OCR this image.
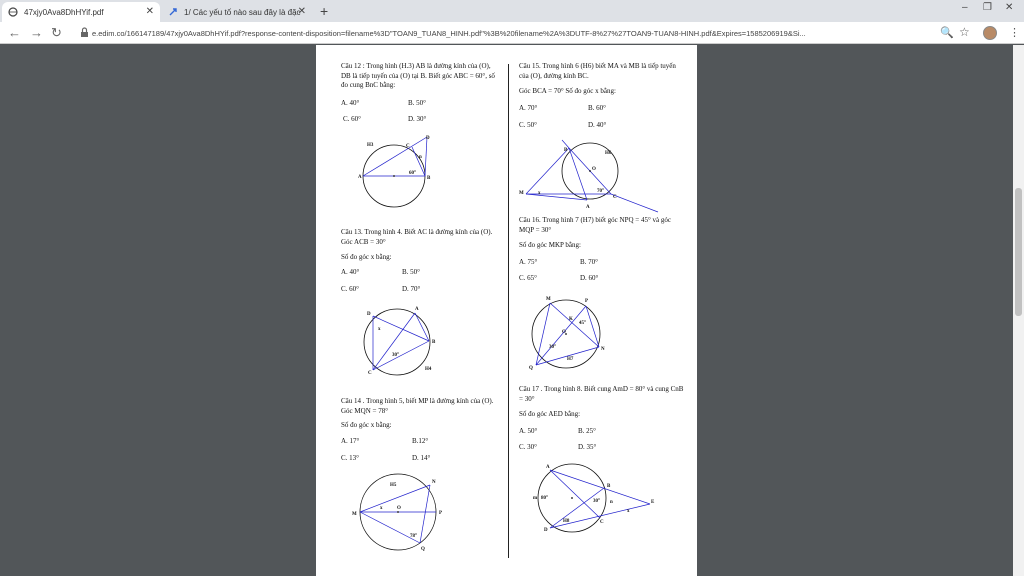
47xjy0Ava8DhHYif.pdf	✕	1/ Các yếu tố nào sau đây là đặc
✕ +	– ❐ ✕
← → ↻	e.edim.co/166147189/47xjy0Ava8DhHYif.pdf?response-content-disposition=filename%3D"TOAN9_TUAN8_HINH.pdf"%3B%20filename%2A%3DUTF-8%27%27TOAN9-TUAN8-HINH.pdf&Expires=1585206919&Si...	🔍 ☆	⋮
Câu 12 : Trong hình (H.3) AB là đường kính của (O), DB là tiếp tuyến của (O) tại B. Biết góc ABC = 60°, số đo cung BnC bằng:
A. 40°	B. 50°
C. 60°	D. 30°
H3
A	B
C
D
n
60°
Câu 13. Trong hình 4. Biết AC là đường kính của (O). Góc ACB = 30°
Số đo góc x bằng:
A. 40°	B. 50°
C. 60°	D. 70°
A
B
C
D
x
30°
H4
Câu 14 . Trong hình 5, biết MP là đường kính của (O). Góc MQN = 78°
Số đo góc x bằng:
A. 17°	B.12°
C. 13°	D. 14°
H5
M
N
P
Q
O
x
78°
Câu 15. Trong hình 6 (H6) biết MA và MB là tiếp tuyến của (O), đường kính BC.
Góc BCA = 70° Số đo góc x bằng:
A. 70°	B. 60°
C. 50°	D. 40°
H6
M
B
C
A
O
x	70°
Câu 16. Trong hình 7 (H7) biết góc NPQ = 45° và góc MQP = 30°
Số đo góc MKP bằng:
A. 75°	B. 70°
C. 65°	D. 60°
M	P
N
Q
K
O
45°
30°
H7
Câu 17 . Trong hình 8. Biết cung AmD = 80° và cung CnB = 30°
Số đo góc AED bằng:
A. 50°	B. 25°
C. 30°	D. 35°
A
B
C
D
E
m
n
x
80°
30°
H8
